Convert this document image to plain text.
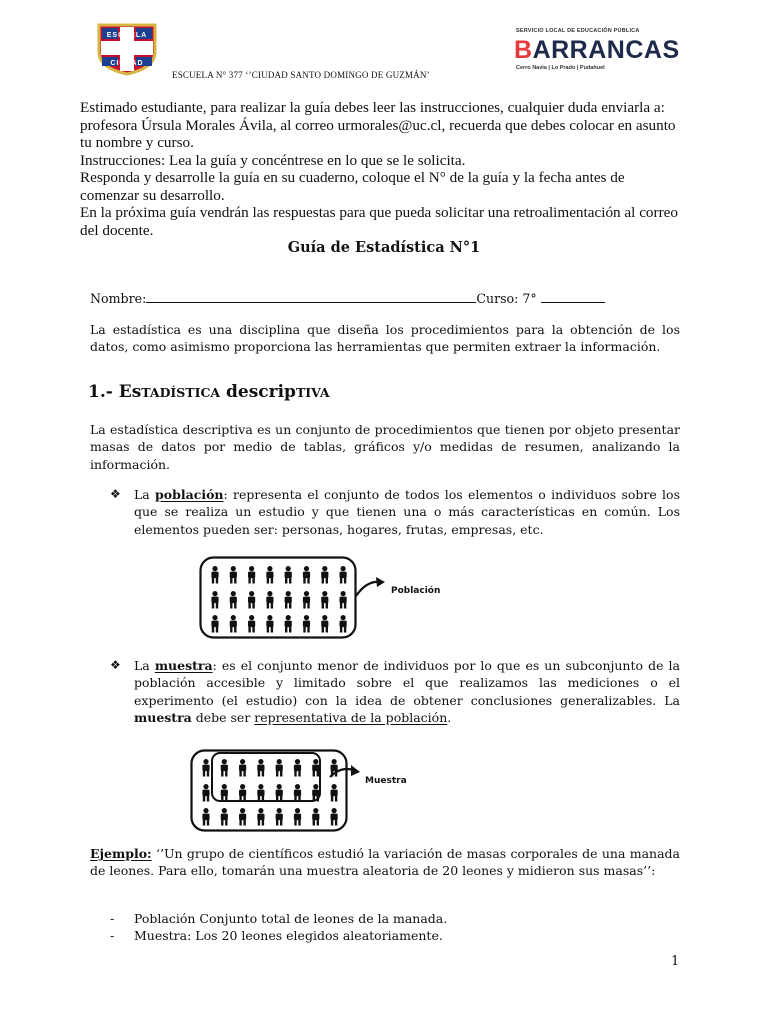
ESCUELA
CIUDAD
ESCUELA N° 377 ‘’CIUDAD SANTO DOMINGO DE GUZMÁN’
SERVICIO LOCAL DE EDUCACIÓN PÚBLICA
BARRANCAS
Cerro Navia | Lo Prado | Pudahuel
Estimado estudiante, para realizar la guía debes leer las instrucciones, cualquier duda enviarla a:
profesora Úrsula Morales Ávila, al correo urmorales@uc.cl, recuerda que debes colocar en asunto
tu nombre y curso.
Instrucciones: Lea la guía y concéntrese en lo que se le solicita.
Responda y desarrolle la guía en su cuaderno, coloque el N° de la guía y la fecha antes de
comenzar su desarrollo.
En la próxima guía vendrán las respuestas para que pueda solicitar una retroalimentación al correo
del docente.
Guía de Estadística N°1
Nombre:	Curso: 7°
La estadística es una disciplina que diseña los procedimientos para la obtención de los datos, como asimismo proporciona las herramientas que permiten extraer la información.
1.- EsTADÍSTICA descripTIVA
La estadística descriptiva es un conjunto de procedimientos que tienen por objeto presentar masas de datos por medio de tablas, gráficos y/o medidas de resumen, analizando la información.
❖ La población: representa el conjunto de todos los elementos o individuos sobre los que se realiza un estudio y que tienen una o más características en común. Los elementos pueden ser: personas, hogares, frutas, empresas, etc.
Población
❖ La muestra: es el conjunto menor de individuos por lo que es un subconjunto de la población accesible y limitado sobre el que realizamos las mediciones o el experimento (el estudio) con la idea de obtener conclusiones generalizables. La muestra debe ser representativa de la población.
Muestra
Ejemplo: ‘’Un grupo de científicos estudió la variación de masas corporales de una manada de leones. Para ello, tomarán una muestra aleatoria de 20 leones y midieron sus masas’’:
- Población Conjunto total de leones de la manada.
- Muestra: Los 20 leones elegidos aleatoriamente.
1
